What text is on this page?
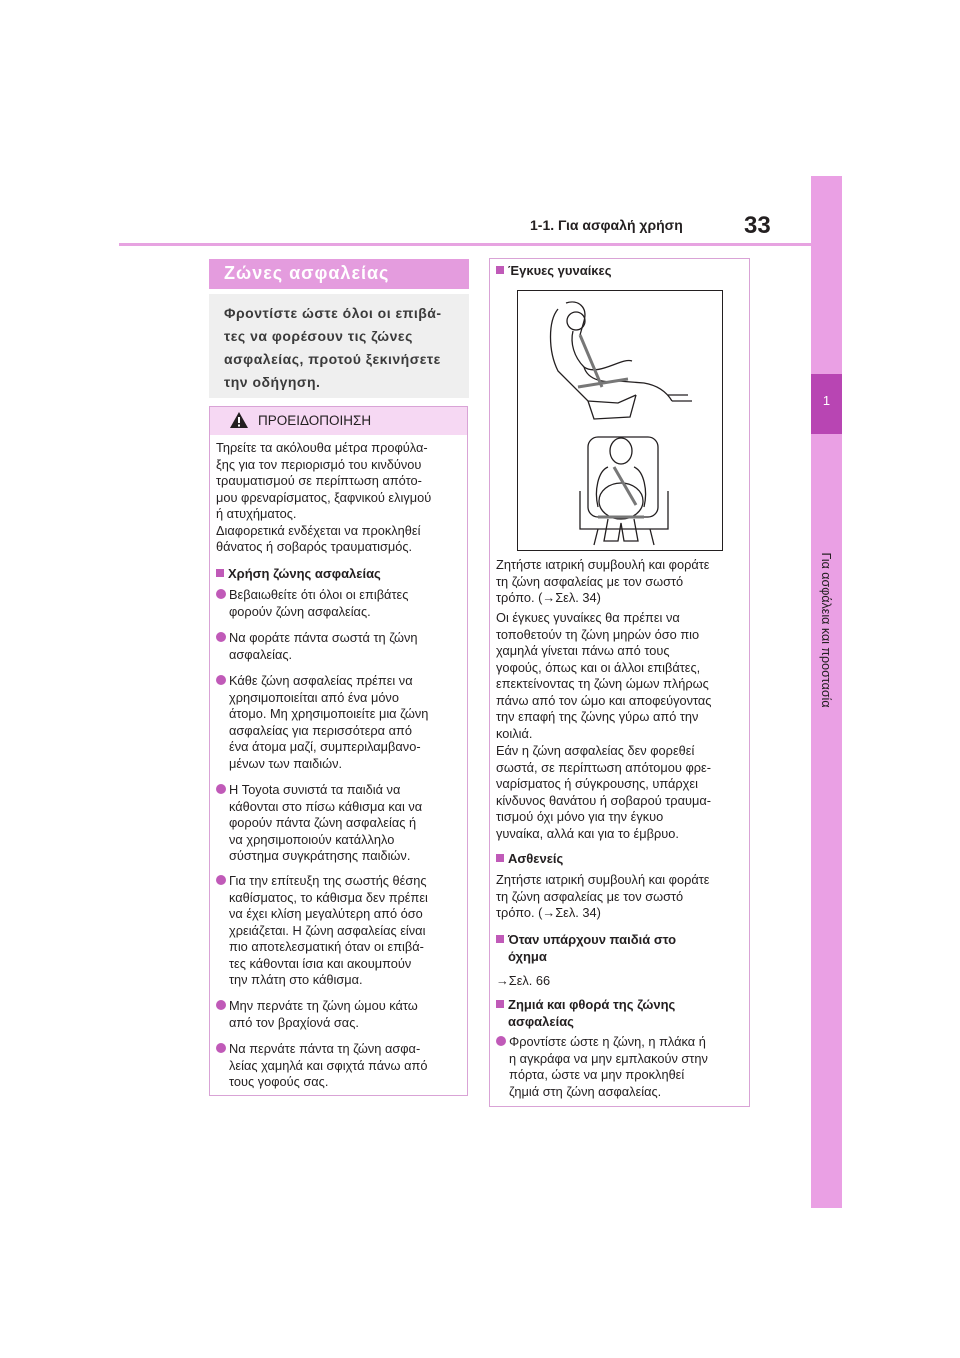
1-1. Για ασφαλή χρήση	33
1
Για ασφάλεια και προστασία
Ζώνες ασφαλείας
Φροντίστε ώστε όλοι οι επιβά-
τες να φορέσουν τις ζώνες
ασφαλείας, προτού ξεκινήσετε
την οδήγηση.
ΠΡΟΕΙΔΟΠΟΙΗΣΗ
Τηρείτε τα ακόλουθα μέτρα προφύλα-
ξης για τον περιορισμό του κινδύνου
τραυματισμού σε περίπτωση απότο-
μου φρεναρίσματος, ξαφνικού ελιγμού
ή ατυχήματος.
Διαφορετικά ενδέχεται να προκληθεί
θάνατος ή σοβαρός τραυματισμός.
Χρήση ζώνης ασφαλείας
Βεβαιωθείτε ότι όλοι οι επιβάτες
φορούν ζώνη ασφαλείας.
Να φοράτε πάντα σωστά τη ζώνη
ασφαλείας.
Κάθε ζώνη ασφαλείας πρέπει να
χρησιμοποιείται από ένα μόνο
άτομο. Μη χρησιμοποιείτε μια ζώνη
ασφαλείας για περισσότερα από
ένα άτομα μαζί, συμπεριλαμβανο-
μένων των παιδιών.
Η Toyota συνιστά τα παιδιά να
κάθονται στο πίσω κάθισμα και να
φορούν πάντα ζώνη ασφαλείας ή
να χρησιμοποιούν κατάλληλο
σύστημα συγκράτησης παιδιών.
Για την επίτευξη της σωστής θέσης
καθίσματος, το κάθισμα δεν πρέπει
να έχει κλίση μεγαλύτερη από όσο
χρειάζεται. Η ζώνη ασφαλείας είναι
πιο αποτελεσματική όταν οι επιβά-
τες κάθονται ίσια και ακουμπούν
την πλάτη στο κάθισμα.
Μην περνάτε τη ζώνη ώμου κάτω
από τον βραχίονά σας.
Να περνάτε πάντα τη ζώνη ασφα-
λείας χαμηλά και σφιχτά πάνω από
τους γοφούς σας.
Έγκυες γυναίκες
Ζητήστε ιατρική συμβουλή και φοράτε
τη ζώνη ασφαλείας με τον σωστό
τρόπο. (→Σελ. 34)
Οι έγκυες γυναίκες θα πρέπει να
τοποθετούν τη ζώνη μηρών όσο πιο
χαμηλά γίνεται πάνω από τους
γοφούς, όπως και οι άλλοι επιβάτες,
επεκτείνοντας τη ζώνη ώμων πλήρως
πάνω από τον ώμο και αποφεύγοντας
την επαφή της ζώνης γύρω από την
κοιλιά.
Εάν η ζώνη ασφαλείας δεν φορεθεί
σωστά, σε περίπτωση απότομου φρε-
ναρίσματος ή σύγκρουσης, υπάρχει
κίνδυνος θανάτου ή σοβαρού τραυμα-
τισμού όχι μόνο για την έγκυο
γυναίκα, αλλά και για το έμβρυο.
Ασθενείς
Ζητήστε ιατρική συμβουλή και φοράτε
τη ζώνη ασφαλείας με τον σωστό
τρόπο. (→Σελ. 34)
Όταν υπάρχουν παιδιά στο
όχημα
→Σελ. 66
Ζημιά και φθορά της ζώνης
ασφαλείας
Φροντίστε ώστε η ζώνη, η πλάκα ή
η αγκράφα να μην εμπλακούν στην
πόρτα, ώστε να μην προκληθεί
ζημιά στη ζώνη ασφαλείας.
